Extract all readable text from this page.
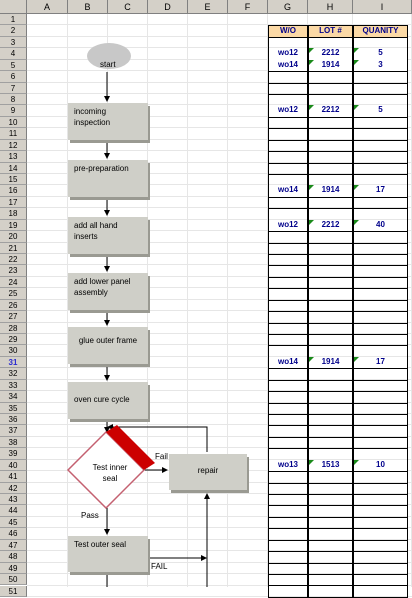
A	B	C	D	E	F	G	H	I
1
2
3
4
5
6
7
8
9
10
11
12
13
14
15
16
17
18
19
20
21
22
23
24
25
26
27
28
29
30
31
32
33
34
35
36
37
38
39
40
41
42
43
44
45
46
47
48
49
50
51
W/O	LOT #	QUANITY
wo12	2212	5
wo14	1914	3
wo12	2212	5
wo14	1914	17
wo12	2212	40
wo14	1914	17
wo13	1513	10
start
incoming inspection
pre-preparation
add all hand inserts
add lower panel assembly
glue outer frame
oven cure cycle
Test inner seal
repair
Test outer seal
Fail
Pass
FAIL
